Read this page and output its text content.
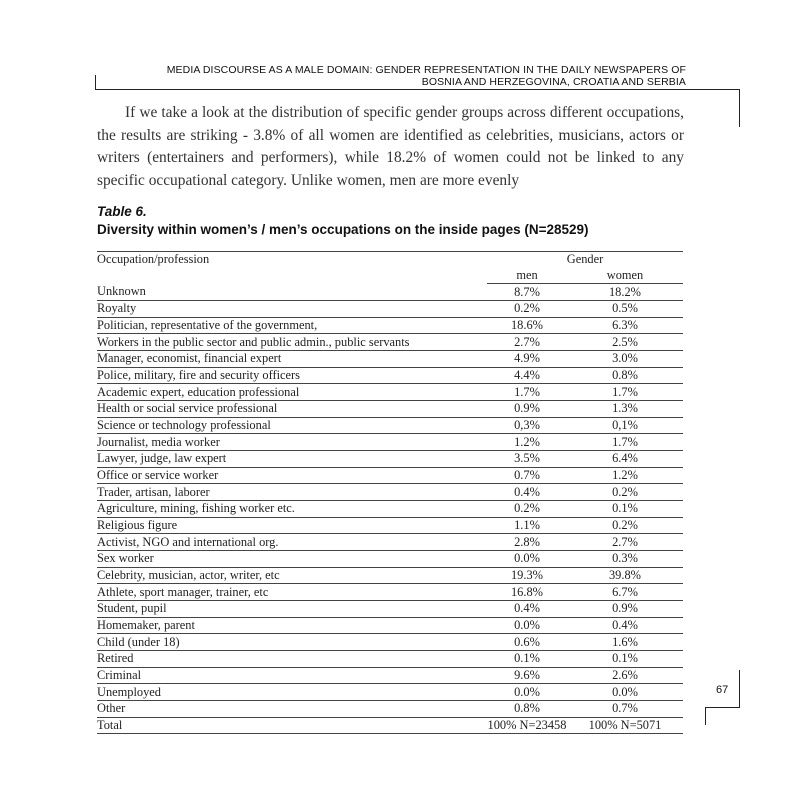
MEDIA DISCOURSE AS A MALE DOMAIN: GENDER REPRESENTATION IN THE DAILY NEWSPAPERS OF
BOSNIA AND HERZEGOVINA, CROATIA AND SERBIA
If we take a look at the distribution of specific gender groups across different occupations, the results are striking - 3.8% of all women are identified as celebrities, musicians, actors or writers (entertainers and performers), while 18.2% of women could not be linked to any specific occupational category. Unlike women, men are more evenly
Table 6.
Diversity within women’s / men’s occupations on the inside pages (N=28529)
Occupation/profession	Gender	
	men	women
Unknown	8.7%	18.2%
Royalty	0.2%	0.5%
Politician, representative of the government,	18.6%	6.3%
Workers in the public sector and public admin., public servants	2.7%	2.5%
Manager, economist, financial expert	4.9%	3.0%
Police, military, fire and security officers	4.4%	0.8%
Academic expert, education professional	1.7%	1.7%
Health or social service professional	0.9%	1.3%
Science or technology professional	0,3%	0,1%
Journalist, media worker	1.2%	1.7%
Lawyer, judge, law expert	3.5%	6.4%
Office or service worker	0.7%	1.2%
Trader, artisan, laborer	0.4%	0.2%
Agriculture, mining, fishing worker etc.	0.2%	0.1%
Religious figure	1.1%	0.2%
Activist, NGO and international org.	2.8%	2.7%
Sex worker	0.0%	0.3%
Celebrity, musician, actor, writer, etc	19.3%	39.8%
Athlete, sport manager, trainer, etc	16.8%	6.7%
Student, pupil	0.4%	0.9%
Homemaker, parent	0.0%	0.4%
Child (under 18)	0.6%	1.6%
Retired	0.1%	0.1%
Criminal	9.6%	2.6%
Unemployed	0.0%	0.0%
Other	0.8%	0.7%
Total	100% N=23458	100% N=5071
67
